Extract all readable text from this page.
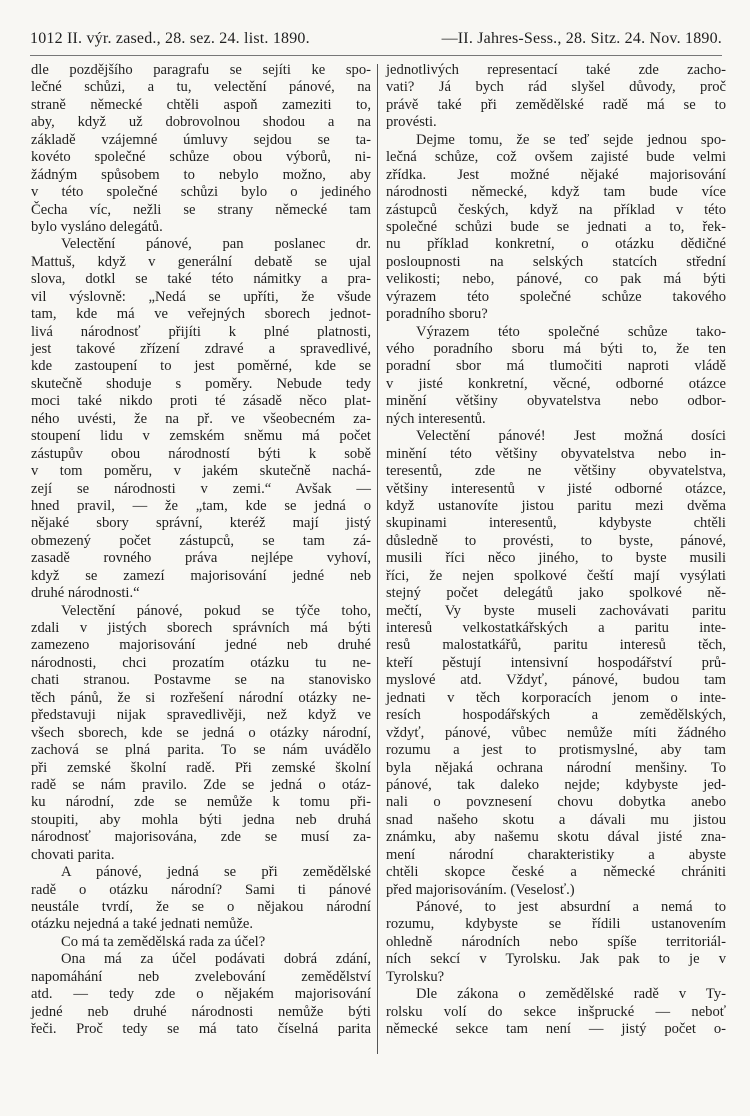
1012 II. výr. zased., 28. sez. 24. list. 1890.	—II. Jahres-Sess., 28. Sitz. 24. Nov. 1890.
dle pozdějšího paragrafu se sejíti ke spo-
lečné schůzi, a tu, velectění pánové, na
straně německé chtěli aspoň zameziti to,
aby, když už dobrovolnou shodou a na
základě vzájemné úmluvy sejdou se ta-
kovéto společné schůze obou výborů, ni-
žádným spůsobem to nebylo možno, aby
v této společné schůzi bylo o jediného
Čecha víc, nežli se strany německé tam
bylo vysláno delegátů.
Velectění pánové, pan poslanec dr.
Mattuš, když v generální debatě se ujal
slova, dotkl se také této námitky a pra-
vil výslovně: „Nedá se upříti, že všude
tam, kde má ve veřejných sborech jednot-
livá národnosť přijíti k plné platnosti,
jest takové zřízení zdravé a spravedlivé,
kde zastoupení to jest poměrné, kde se
skutečně shoduje s poměry. Nebude tedy
moci také nikdo proti té zásadě něco plat-
ného uvésti, že na př. ve všeobecném za-
stoupení lidu v zemském sněmu má počet
zástupův obou národností býti k sobě
v tom poměru, v jakém skutečně nachá-
zejí se národnosti v zemi.“ Avšak —
hned pravil, — že „tam, kde se jedná o
nějaké sbory správní, kteréž mají jistý
obmezený počet zástupců, se tam zá-
zasadě rovného práva nejlépe vyhoví,
když se zamezí majorisování jedné neb
druhé národnosti.“
Velectění pánové, pokud se týče toho,
zdali v jistých sborech správních má býti
zamezeno majorisování jedné neb druhé
národnosti, chci prozatím otázku tu ne-
chati stranou. Postavme se na stanovisko
těch pánů, že si rozřešení národní otázky ne-
představuji nijak spravedlivěji, než když ve
všech sborech, kde se jedná o otázky národní,
zachová se plná parita. To se nám uvádělo
při zemské školní radě. Při zemské školní
radě se nám pravilo. Zde se jedná o otáz-
ku národní, zde se nemůže k tomu při-
stoupiti, aby mohla býti jedna neb druhá
národnosť majorisována, zde se musí za-
chovati parita.
A pánové, jedná se při zemědělské
radě o otázku národní? Sami ti pánové
neustále tvrdí, že se o nějakou národní
otázku nejedná a také jednati nemůže.
Co má ta zemědělská rada za účel?
Ona má za účel podávati dobrá zdání,
napomáhání neb zvelebování zemědělství
atd. — tedy zde o nějakém majorisování
jedné neb druhé národnosti nemůže býti
řeči. Proč tedy se má tato číselná parita
jednotlivých representací také zde zacho-
vati? Já bych rád slyšel důvody, proč
právě také při zemědělské radě má se to
provésti.
Dejme tomu, že se teď sejde jednou spo-
lečná schůze, což ovšem zajisté bude velmi
zřídka. Jest možné nějaké majorisování
národnosti německé, když tam bude více
zástupců českých, když na příklad v této
společné schůzi bude se jednati a to, řek-
nu příklad konkretní, o otázku dědičné
posloupnosti na selských statcích střední
velikosti; nebo, pánové, co pak má býti
výrazem této společné schůze takového
poradního sboru?
Výrazem této společné schůze tako-
vého poradního sboru má býti to, že ten
poradní sbor má tlumočiti naproti vládě
v jisté konkretní, věcné, odborné otázce
minění většiny obyvatelstva nebo odbor-
ných interesentů.
Velectění pánové! Jest možná dosíci
minění této většiny obyvatelstva nebo in-
teresentů, zde ne většiny obyvatelstva,
většiny interesentů v jisté odborné otázce,
když ustanovíte jistou paritu mezi dvěma
skupinami interesentů, kdybyste chtěli
důsledně to provésti, to byste, pánové,
musili říci něco jiného, to byste musili
říci, že nejen spolkové čeští mají vysýlati
stejný počet delegátů jako spolkové ně-
mečtí, Vy byste museli zachovávati paritu
interesů velkostatkářských a paritu inte-
resů malostatkářů, paritu interesů těch,
kteří pěstují intensivní hospodářství prů-
myslové atd. Vždyť, pánové, budou tam
jednati v těch korporacích jenom o inte-
resích hospodářských a zemědělských,
vždyť, pánové, vůbec nemůže míti žádného
rozumu a jest to protismyslné, aby tam
byla nějaká ochrana národní menšiny. To
pánové, tak daleko nejde; kdybyste jed-
nali o povznesení chovu dobytka anebo
snad našeho skotu a dávali mu jistou
známku, aby našemu skotu dával jisté zna-
mení národní charakteristiky a abyste
chtěli skopce české a německé chrániti
před majorisováním. (Veselosť.)
Pánové, to jest absurdní a nemá to
rozumu, kdybyste se řídili ustanovením
ohledně národních nebo spíše territoriál-
ních sekcí v Tyrolsku. Jak pak to je v
Tyrolsku?
Dle zákona o zemědělské radě v Ty-
rolsku volí do sekce inšprucké — neboť
německé sekce tam není — jistý počet o-
